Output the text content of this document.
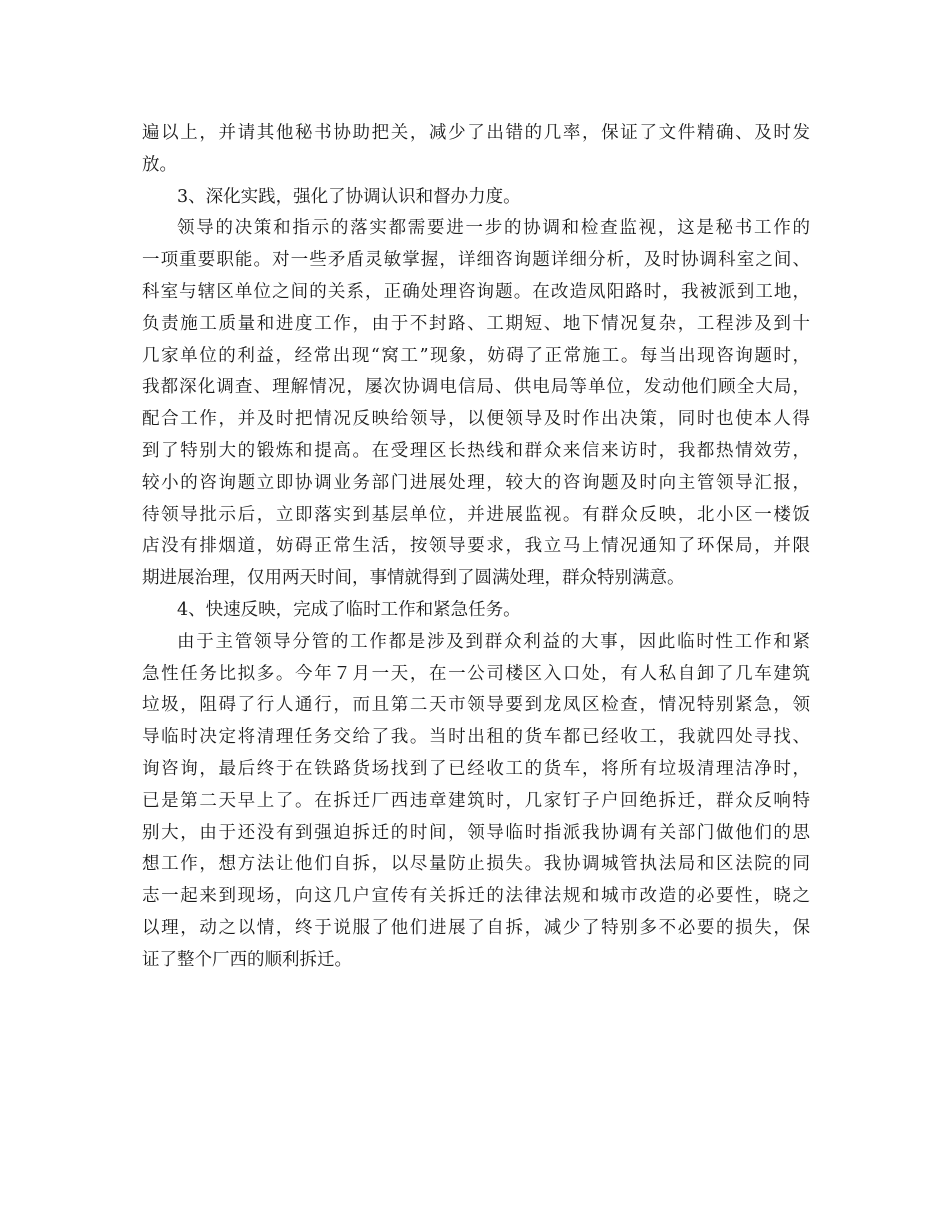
遍以上，并请其他秘书协助把关，减少了出错的几率，保证了文件精确、及时发
放。
3、深化实践，强化了协调认识和督办力度。
领导的决策和指示的落实都需要进一步的协调和检查监视，这是秘书工作的
一项重要职能。对一些矛盾灵敏掌握，详细咨询题详细分析，及时协调科室之间、
科室与辖区单位之间的关系，正确处理咨询题。在改造凤阳路时，我被派到工地，
负责施工质量和进度工作，由于不封路、工期短、地下情况复杂，工程涉及到十
几家单位的利益，经常出现“窝工”现象，妨碍了正常施工。每当出现咨询题时，
我都深化调查、理解情况，屡次协调电信局、供电局等单位，发动他们顾全大局，
配合工作，并及时把情况反映给领导，以便领导及时作出决策，同时也使本人得
到了特别大的锻炼和提高。在受理区长热线和群众来信来访时，我都热情效劳，
较小的咨询题立即协调业务部门进展处理，较大的咨询题及时向主管领导汇报，
待领导批示后，立即落实到基层单位，并进展监视。有群众反映，北小区一楼饭
店没有排烟道，妨碍正常生活，按领导要求，我立马上情况通知了环保局，并限
期进展治理，仅用两天时间，事情就得到了圆满处理，群众特别满意。
4、快速反映，完成了临时工作和紧急任务。
由于主管领导分管的工作都是涉及到群众利益的大事，因此临时性工作和紧
急性任务比拟多。今年７月一天，在一公司楼区入口处，有人私自卸了几车建筑
垃圾，阻碍了行人通行，而且第二天市领导要到龙凤区检查，情况特别紧急，领
导临时决定将清理任务交给了我。当时出租的货车都已经收工，我就四处寻找、
询咨询，最后终于在铁路货场找到了已经收工的货车，将所有垃圾清理洁净时，
已是第二天早上了。在拆迁厂西违章建筑时，几家钉子户回绝拆迁，群众反响特
别大，由于还没有到强迫拆迁的时间，领导临时指派我协调有关部门做他们的思
想工作，想方法让他们自拆，以尽量防止损失。我协调城管执法局和区法院的同
志一起来到现场，向这几户宣传有关拆迁的法律法规和城市改造的必要性，晓之
以理，动之以情，终于说服了他们进展了自拆，减少了特别多不必要的损失，保
证了整个厂西的顺利拆迁。
